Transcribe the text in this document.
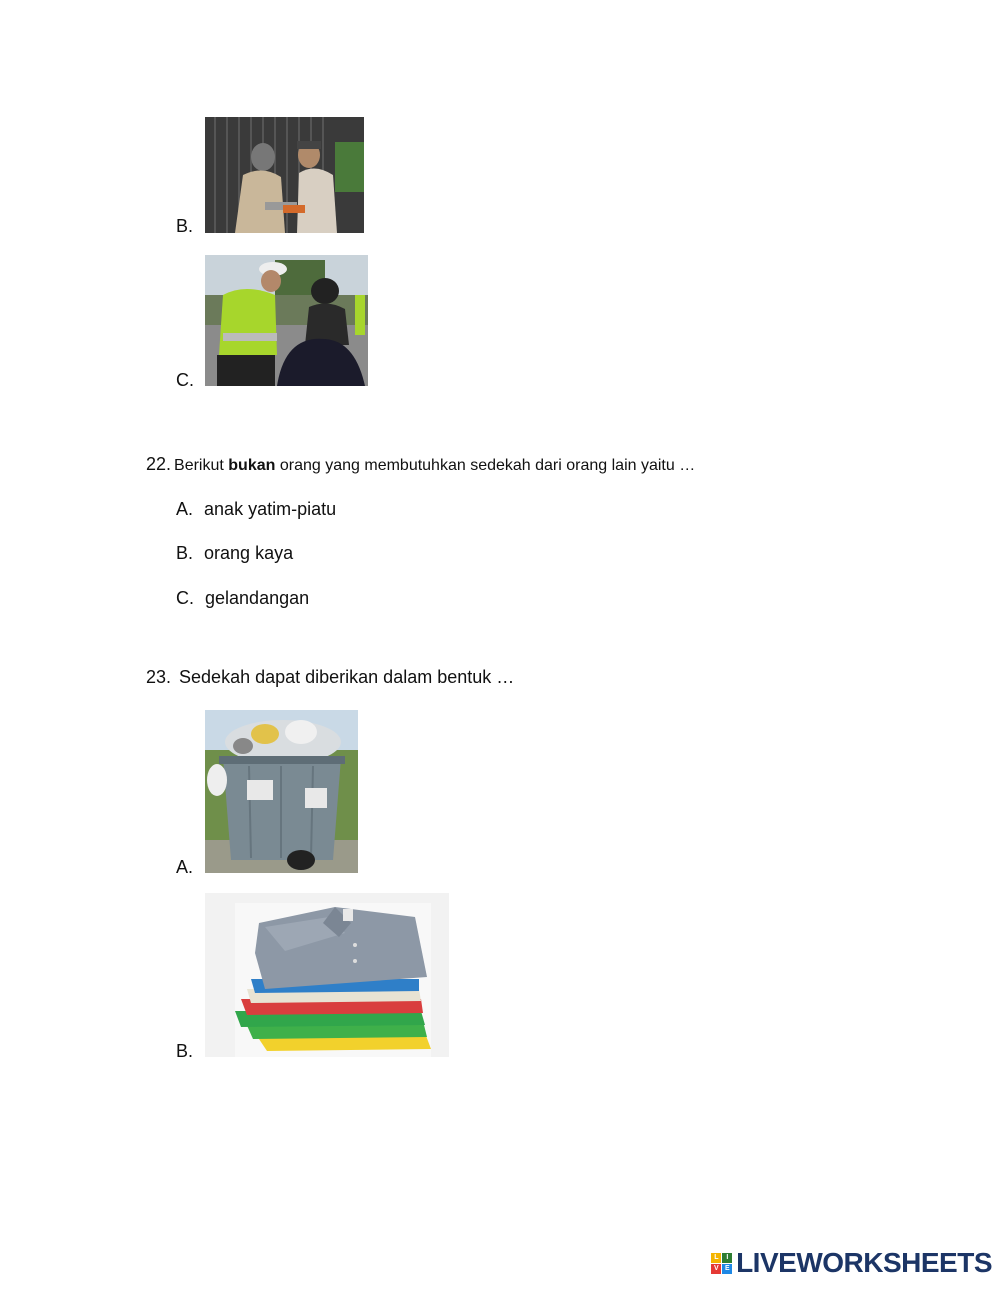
B.
C.
22. Berikut bukan orang yang membutuhkan sedekah dari orang lain yaitu …
A. anak yatim-piatu
B. orang kaya
C. gelandangan
23. Sedekah dapat diberikan dalam bentuk …
A.
B.
L	I
V E LIVEWORKSHEETS
